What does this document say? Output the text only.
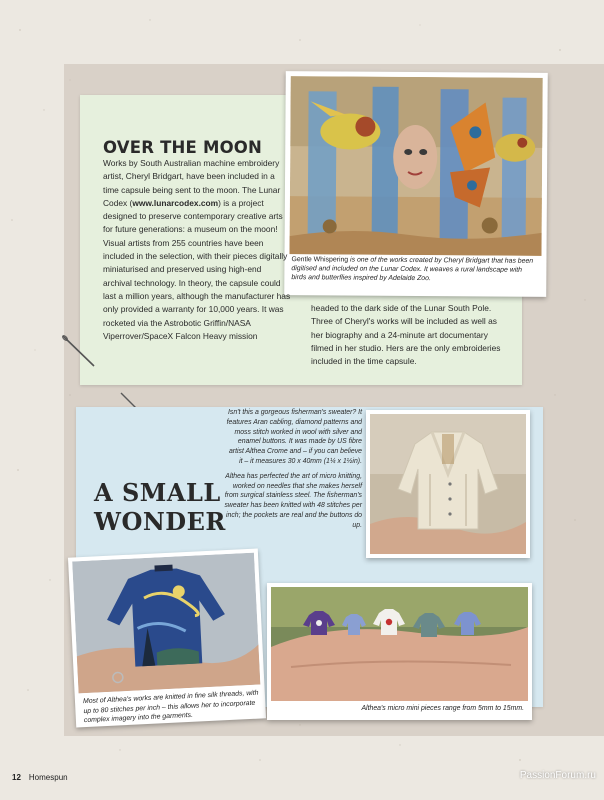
Gentle Whispering is one of the works created by Cheryl Bridgart that has been digitised and included on the Lunar Codex. It weaves a rural landscape with birds and butterflies inspired by Adelaide Zoo.
OVER THE MOON
Works by South Australian machine embroidery artist, Cheryl Bridgart, have been included in a time capsule being sent to the moon. The Lunar Codex (www.lunarcodex.com) is a project designed to preserve contemporary creative arts for future generations: a museum on the moon! Visual artists from 255 countries have been included in the selection, with their pieces digitally miniaturised and preserved using high-end archival technology. In theory, the capsule could last a million years, although the manufacturer has only provided a warranty for 10,000 years. It was rocketed via the Astrobotic Griffin/NASA Viperrover/SpaceX Falcon Heavy mission
headed to the dark side of the Lunar South Pole. Three of Cheryl's works will be included as well as her biography and a 24-minute art documentary filmed in her studio. Hers are the only embroideries included in the time capsule.
A SMALL WONDER

Isn't this a gorgeous fisherman's sweater? It features Aran cabling, diamond patterns and moss stitch worked in wool with silver and enamel buttons. It was made by US fibre artist Althea Crome and – if you can believe it – it measures 30 x 40mm (1¼ x 1½in).

Althea has perfected the art of micro knitting, worked on needles that she makes herself from surgical stainless steel. The fisherman's sweater has been knitted with 48 stitches per inch; the pockets are real and the buttons do up.

Most of Althea's works are knitted in fine silk threads, with up to 80 stitches per inch – this allows her to incorporate complex imagery into the garments.
Althea's micro mini pieces range from 5mm to 15mm.
12 Homespun	PassionForum.ru
